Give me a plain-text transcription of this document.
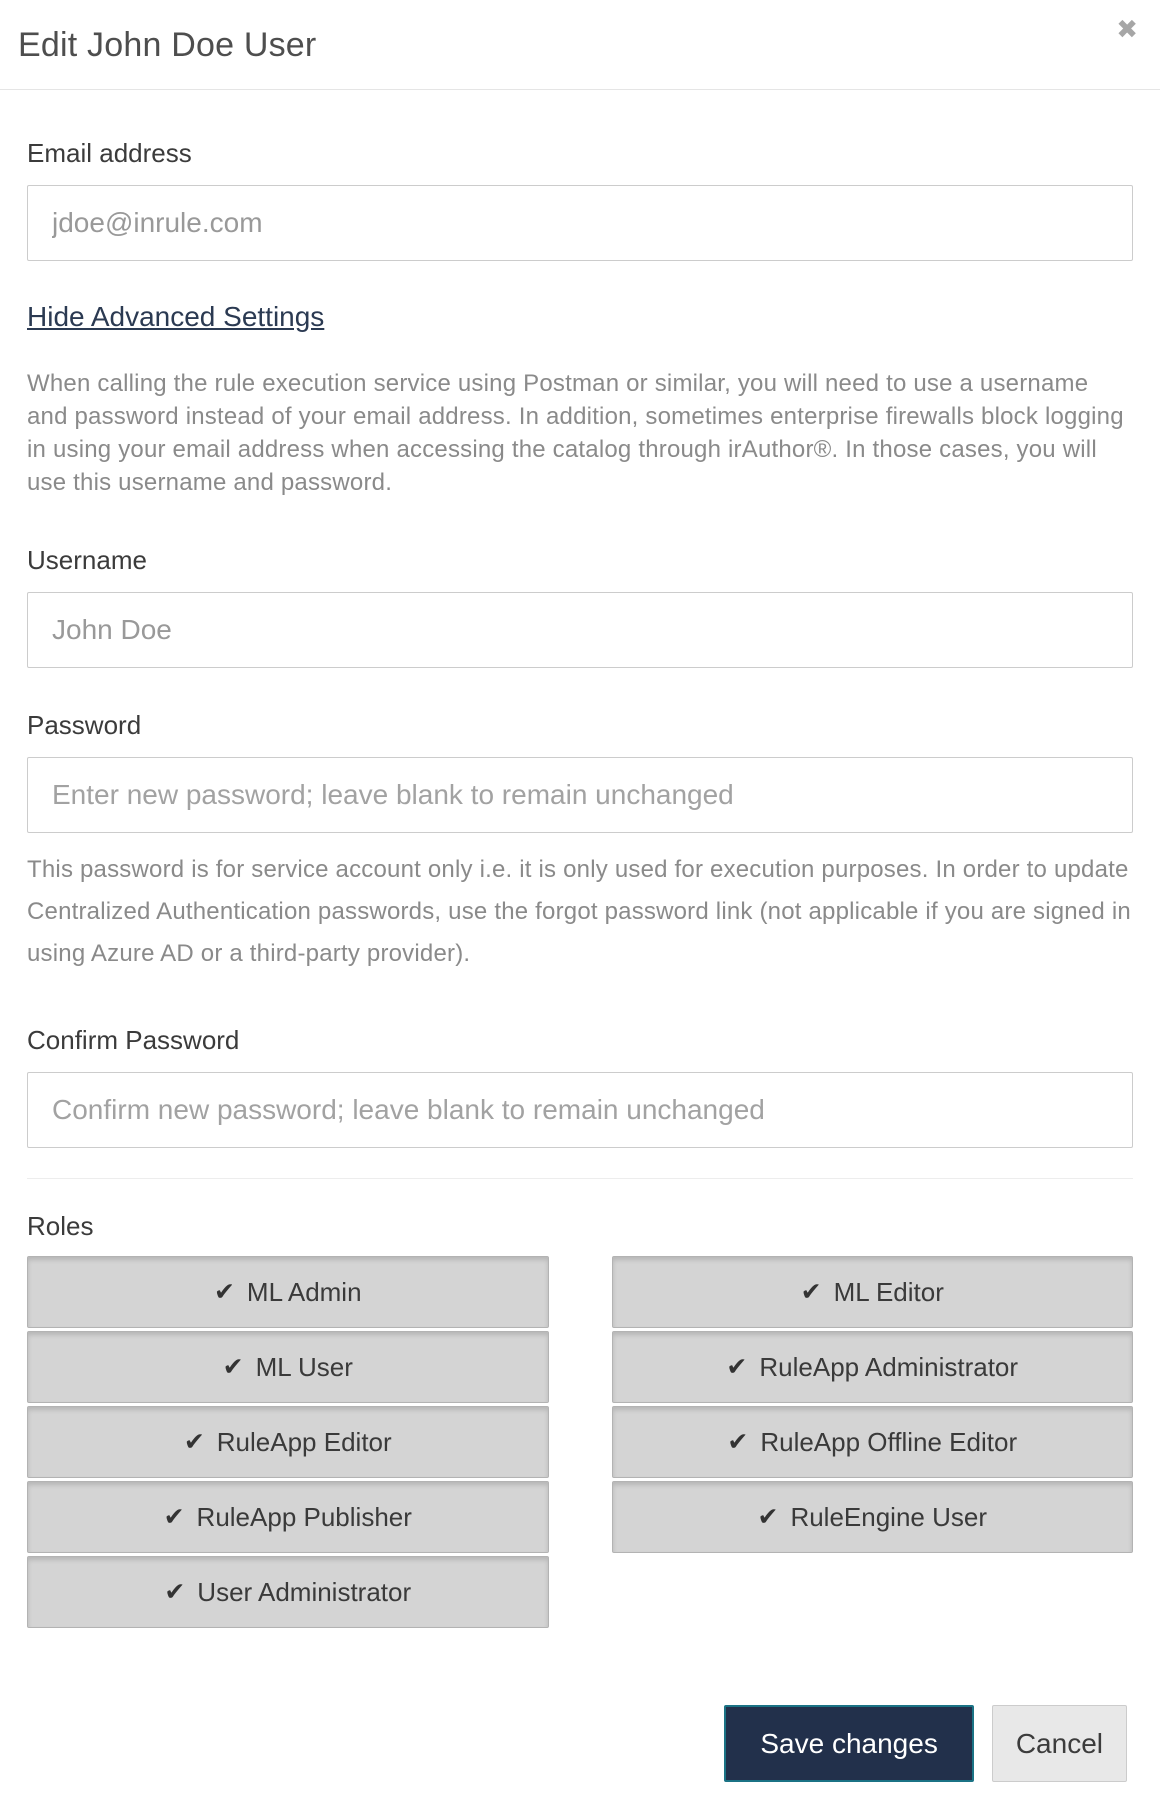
Edit John Doe User	✖
Email address
jdoe@inrule.com Hide Advanced Settings
When calling the rule execution service using Postman or similar, you will need to use a username and password instead of your email address. In addition, sometimes enterprise firewalls block logging in using your email address when accessing the catalog through irAuthor®. In those cases, you will use this username and password.
Username
John Doe
Password
Enter new password; leave blank to remain unchanged
This password is for service account only i.e. it is only used for execution purposes. In order to update Centralized Authentication passwords, use the forgot password link (not applicable if you are signed in using Azure AD or a third-party provider).
Confirm Password
Confirm new password; leave blank to remain unchanged
Roles
✔ ML Admin
✔ ML User
✔ RuleApp Editor
✔ RuleApp Publisher
✔ User Administrator
✔ ML Editor
✔ RuleApp Administrator
✔ RuleApp Offline Editor
✔ RuleEngine User
Save changes	Cancel
